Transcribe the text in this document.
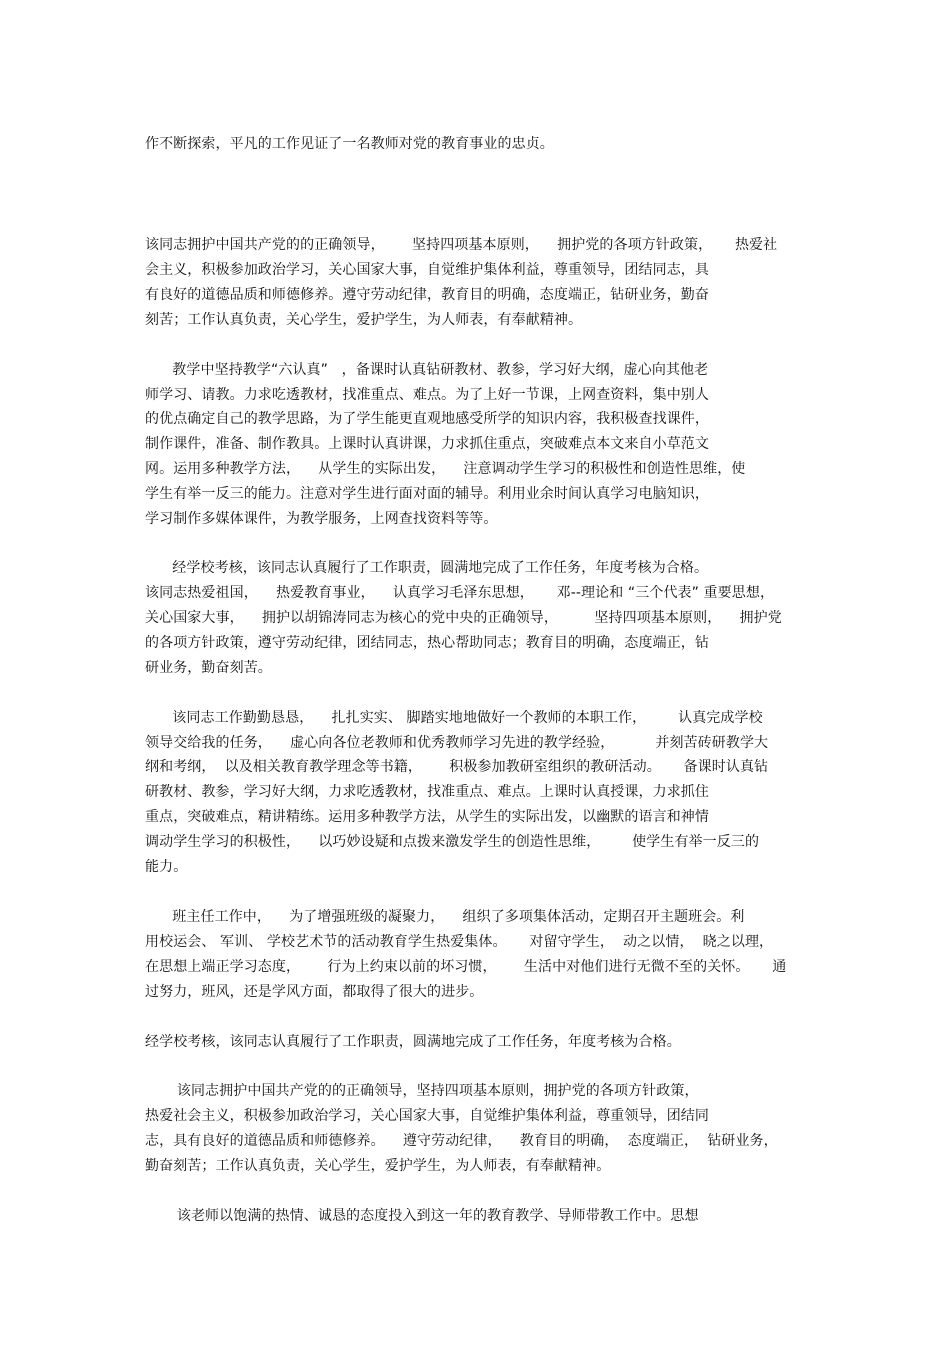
作不断探索，平凡的工作见证了一名教师对党的教育事业的忠贞。
该同志拥护中国共产党的的正确领导，      坚持四项基本原则，    拥护党的各项方针政策，     热爱社
会主义，积极参加政治学习，关心国家大事，自觉维护集体利益，尊重领导，团结同志，具
有良好的道德品质和师德修养。遵守劳动纪律，教育目的明确，态度端正，钻研业务，勤奋
刻苦；工作认真负责，关心学生，爱护学生，为人师表，有奉献精神。
教学中坚持教学“六认真”   ，备课时认真钻研教材、教参，学习好大纲，虚心向其他老
师学习、请教。力求吃透教材，找准重点、难点。为了上好一节课，上网查资料，集中别人
的优点确定自己的教学思路，为了学生能更直观地感受所学的知识内容，我积极查找课件，
制作课件，准备、制作教具。上课时认真讲课，力求抓住重点，突破难点本文来自小草范文
网。运用多种教学方法，    从学生的实际出发，    注意调动学生学习的积极性和创造性思维，使
学生有举一反三的能力。注意对学生进行面对面的辅导。利用业余时间认真学习电脑知识，
学习制作多媒体课件，为教学服务，上网查找资料等等。
经学校考核，该同志认真履行了工作职责，圆满地完成了工作任务，年度考核为合格。
该同志热爱祖国，    热爱教育事业，    认真学习毛泽东思想，     邓--理论和 “三个代表” 重要思想，
关心国家大事，    拥护以胡锦涛同志为核心的党中央的正确领导，        坚持四项基本原则，    拥护党
的各项方针政策，遵守劳动纪律，团结同志，热心帮助同志；教育目的明确，态度端正，钻
研业务，勤奋刻苦。
该同志工作勤勤恳恳，    扎扎实实、 脚踏实地地做好一个教师的本职工作，       认真完成学校
领导交给我的任务，    虚心向各位老教师和优秀教师学习先进的教学经验，         并刻苦砖研教学大
纲和考纲，  以及相关教育教学理念等书籍，      积极参加教研室组织的教研活动。     备课时认真钻
研教材、教参，学习好大纲，力求吃透教材，找准重点、难点。上课时认真授课，力求抓住
重点，突破难点，精讲精练。运用多种教学方法，从学生的实际出发，以幽默的语言和神情
调动学生学习的积极性，    以巧妙设疑和点拨来激发学生的创造性思维，       使学生有举一反三的
能力。
班主任工作中，    为了增强班级的凝聚力，    组织了多项集体活动，定期召开主题班会。利
用校运会、 军训、 学校艺术节的活动教育学生热爱集体。     对留守学生，  动之以情，  晓之以理，
在思想上端正学习态度，      行为上约束以前的坏习惯，      生活中对他们进行无微不至的关怀。     通
过努力，班风，还是学风方面，都取得了很大的进步。
经学校考核，该同志认真履行了工作职责，圆满地完成了工作任务，年度考核为合格。
该同志拥护中国共产党的的正确领导，坚持四项基本原则，拥护党的各项方针政策，
热爱社会主义，积极参加政治学习，关心国家大事，自觉维护集体利益，尊重领导，团结同
志，具有良好的道德品质和师德修养。    遵守劳动纪律，    教育目的明确，  态度端正，  钻研业务，
勤奋刻苦；工作认真负责，关心学生，爱护学生，为人师表，有奉献精神。
该老师以饱满的热情、诚恳的态度投入到这一年的教育教学、导师带教工作中。思想
